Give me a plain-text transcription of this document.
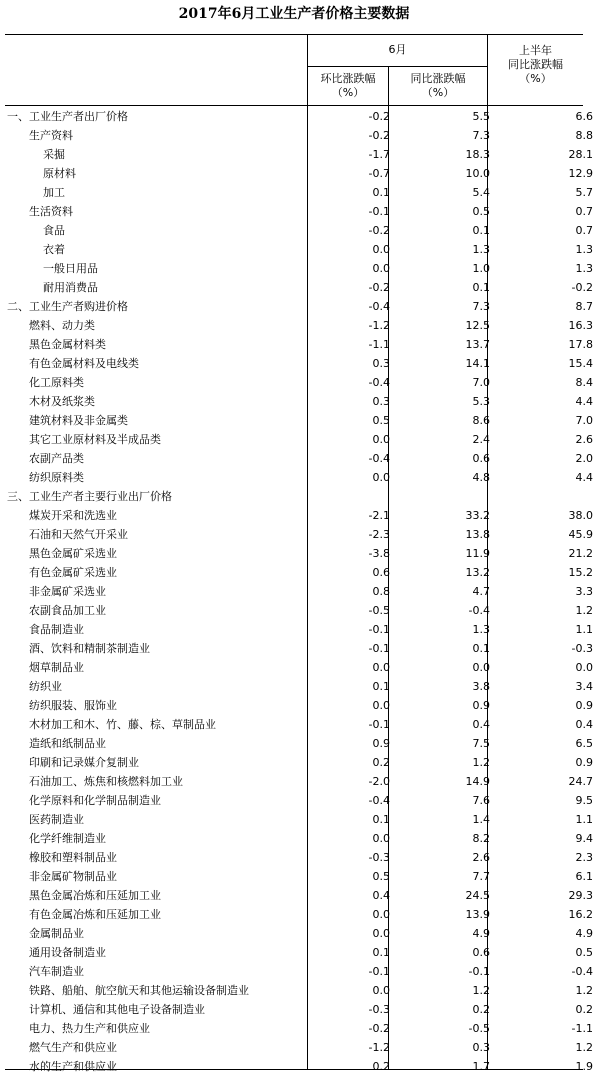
2017年6月工业生产者价格主要数据
6月
环比涨跌幅
（%）
同比涨跌幅
（%）
上半年
同比涨跌幅
（%）
一、工业生产者出厂价格	-0.2	5.5	6.6
生产资料	-0.2	7.3	8.8
采掘	-1.7	18.3	28.1
原材料	-0.7	10.0	12.9
加工	0.1	5.4	5.7
生活资料	-0.1	0.5	0.7
食品	-0.2	0.1	0.7
衣着	0.0	1.3	1.3
一般日用品	0.0	1.0	1.3
耐用消费品	-0.2	0.1	-0.2
二、工业生产者购进价格	-0.4	7.3	8.7
燃料、动力类	-1.2	12.5	16.3
黑色金属材料类	-1.1	13.7	17.8
有色金属材料及电线类	0.3	14.1	15.4
化工原料类	-0.4	7.0	8.4
木材及纸浆类	0.3	5.3	4.4
建筑材料及非金属类	0.5	8.6	7.0
其它工业原材料及半成品类	0.0	2.4	2.6
农副产品类	-0.4	0.6	2.0
纺织原料类	0.0	4.8	4.4
三、工业生产者主要行业出厂价格			
煤炭开采和洗选业	-2.1	33.2	38.0
石油和天然气开采业	-2.3	13.8	45.9
黑色金属矿采选业	-3.8	11.9	21.2
有色金属矿采选业	0.6	13.2	15.2
非金属矿采选业	0.8	4.7	3.3
农副食品加工业	-0.5	-0.4	1.2
食品制造业	-0.1	1.3	1.1
酒、饮料和精制茶制造业	-0.1	0.1	-0.3
烟草制品业	0.0	0.0	0.0
纺织业	0.1	3.8	3.4
纺织服装、服饰业	0.0	0.9	0.9
木材加工和木、竹、藤、棕、草制品业	-0.1	0.4	0.4
造纸和纸制品业	0.9	7.5	6.5
印刷和记录媒介复制业	0.2	1.2	0.9
石油加工、炼焦和核燃料加工业	-2.0	14.9	24.7
化学原料和化学制品制造业	-0.4	7.6	9.5
医药制造业	0.1	1.4	1.1
化学纤维制造业	0.0	8.2	9.4
橡胶和塑料制品业	-0.3	2.6	2.3
非金属矿物制品业	0.5	7.7	6.1
黑色金属冶炼和压延加工业	0.4	24.5	29.3
有色金属冶炼和压延加工业	0.0	13.9	16.2
金属制品业	0.0	4.9	4.9
通用设备制造业	0.1	0.6	0.5
汽车制造业	-0.1	-0.1	-0.4
铁路、船舶、航空航天和其他运输设备制造业	0.0	1.2	1.2
计算机、通信和其他电子设备制造业	-0.3	0.2	0.2
电力、热力生产和供应业	-0.2	-0.5	-1.1
燃气生产和供应业	-1.2	0.3	1.2
水的生产和供应业	0.2	1.7	1.9
